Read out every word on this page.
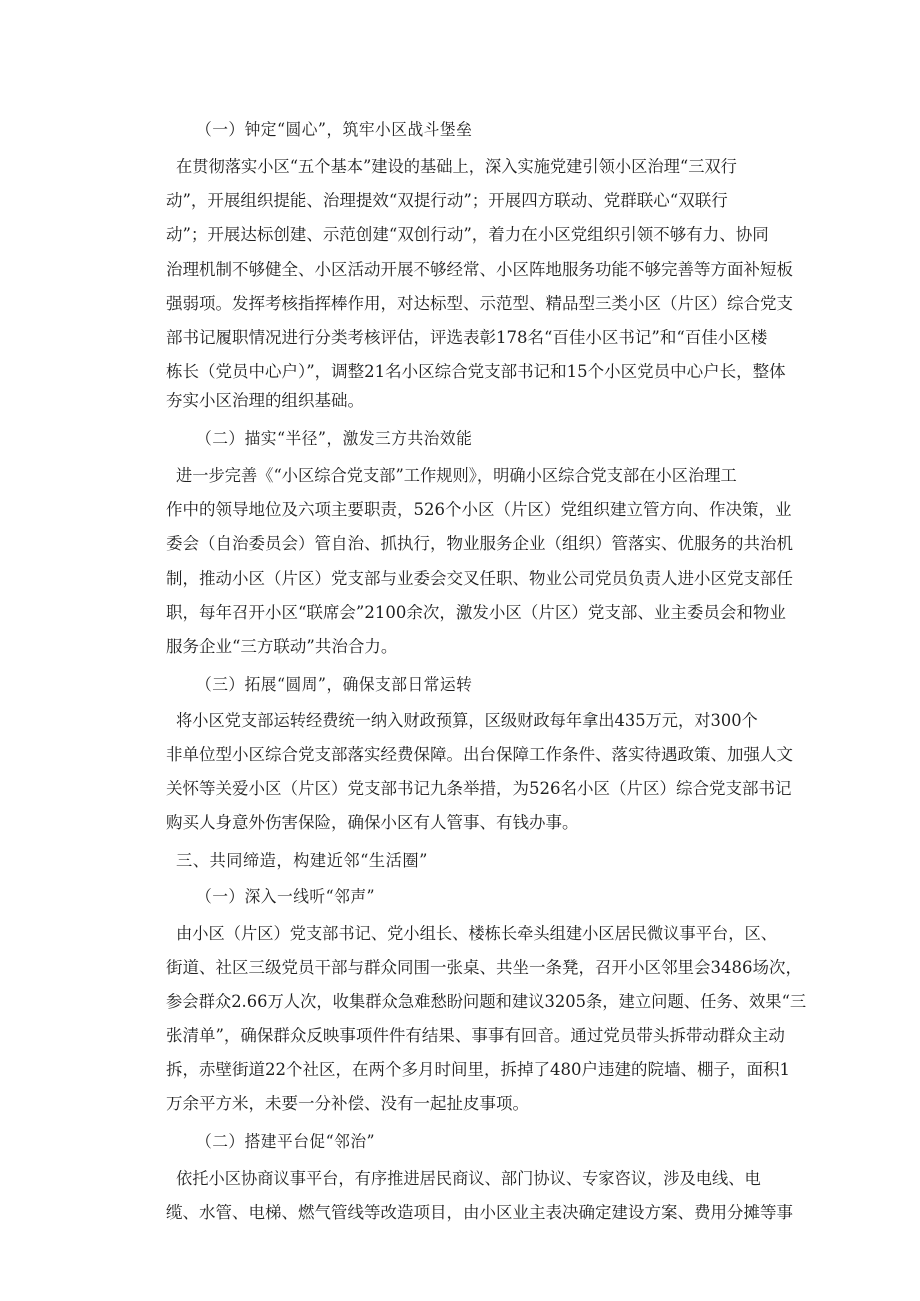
（一）钟定“圆心”，筑牢小区战斗堡垒
在贯彻落实小区“五个基本”建设的基础上，深入实施党建引领小区治理“三双行
动”，开展组织提能、治理提效“双提行动”；开展四方联动、党群联心“双联行
动”；开展达标创建、示范创建“双创行动”，着力在小区党组织引领不够有力、协同
治理机制不够健全、小区活动开展不够经常、小区阵地服务功能不够完善等方面补短板
强弱项。发挥考核指挥棒作用，对达标型、示范型、精品型三类小区（片区）综合党支
部书记履职情况进行分类考核评估，评选表彰178名“百佳小区书记”和“百佳小区楼
栋长（党员中心户）”，调整21名小区综合党支部书记和15个小区党员中心户长，整体
夯实小区治理的组织基础。
（二）描实“半径”，激发三方共治效能
进一步完善《“小区综合党支部”工作规则》，明确小区综合党支部在小区治理工
作中的领导地位及六项主要职责，526个小区（片区）党组织建立管方向、作决策，业
委会（自治委员会）管自治、抓执行，物业服务企业（组织）管落实、优服务的共治机
制，推动小区（片区）党支部与业委会交叉任职、物业公司党员负责人进小区党支部任
职，每年召开小区“联席会”2100余次，激发小区（片区）党支部、业主委员会和物业
服务企业“三方联动”共治合力。
（三）拓展“圆周”，确保支部日常运转
将小区党支部运转经费统一纳入财政预算，区级财政每年拿出435万元，对300个
非单位型小区综合党支部落实经费保障。出台保障工作条件、落实待遇政策、加强人文
关怀等关爱小区（片区）党支部书记九条举措，为526名小区（片区）综合党支部书记
购买人身意外伤害保险，确保小区有人管事、有钱办事。
三、共同缔造，构建近邻“生活圈”
（一）深入一线听“邻声”
由小区（片区）党支部书记、党小组长、楼栋长牵头组建小区居民微议事平台，区、
街道、社区三级党员干部与群众同围一张桌、共坐一条凳，召开小区邻里会3486场次，
参会群众2.66万人次，收集群众急难愁盼问题和建议3205条，建立问题、任务、效果“三
张清单”，确保群众反映事项件件有结果、事事有回音。通过党员带头拆带动群众主动
拆，赤壁街道22个社区，在两个多月时间里，拆掉了480户违建的院墙、棚子，面积1
万余平方米，未要一分补偿、没有一起扯皮事项。
（二）搭建平台促“邻治”
依托小区协商议事平台，有序推进居民商议、部门协议、专家咨议，涉及电线、电
缆、水管、电梯、燃气管线等改造项目，由小区业主表决确定建设方案、费用分摊等事
